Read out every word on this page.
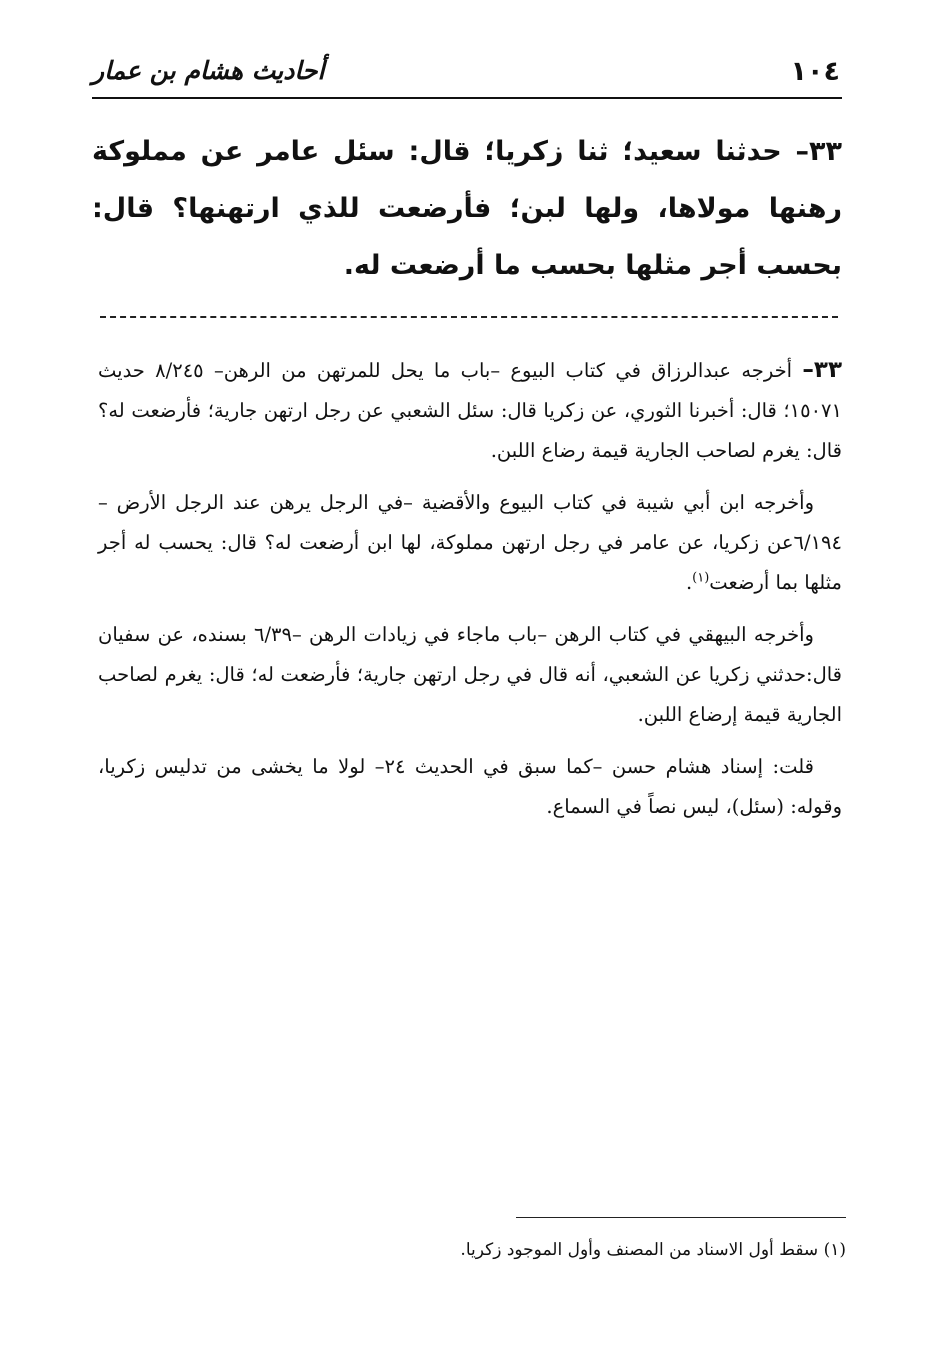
١٠٤
أحاديث هشام بن عمار
٣٣– حدثنا سعيد؛ ثنا زكريا؛ قال: سئل عامر عن مملوكة رهنها مولاها، ولها لبن؛ فأرضعت للذي ارتهنها؟ قال: بحسب أجر مثلها بحسب ما أرضعت له.

٣٣– أخرجه عبدالرزاق في كتاب البيوع –باب ما يحل للمرتهن من الرهن– ٨/٢٤٥ حديث ١٥٠٧١؛ قال: أخبرنا الثوري، عن زكريا قال: سئل الشعبي عن رجل ارتهن جارية؛ فأرضعت له؟ قال: يغرم لصاحب الجارية قيمة رضاع اللبن.

وأخرجه ابن أبي شيبة في كتاب البيوع والأقضية –في الرجل يرهن عند الرجل الأرض –٦/١٩٤عن زكريا، عن عامر في رجل ارتهن مملوكة، لها ابن أرضعت له؟ قال: يحسب له أجر مثلها بما أرضعت$^{(١)}$.

وأخرجه البيهقي في كتاب الرهن –باب ماجاء في زيادات الرهن –٦/٣٩ بسنده، عن سفيان قال:حدثني زكريا عن الشعبي، أنه قال في رجل ارتهن جارية؛ فأرضعت له؛ قال: يغرم لصاحب الجارية قيمة إرضاع اللبن.

قلت: إسناد هشام حسن –كما سبق في الحديث ٢٤– لولا ما يخشى من تدليس زكريا، وقوله: (سئل)، ليس نصاً في السماع.

(١) سقط أول الاسناد من المصنف وأول الموجود زكريا.
